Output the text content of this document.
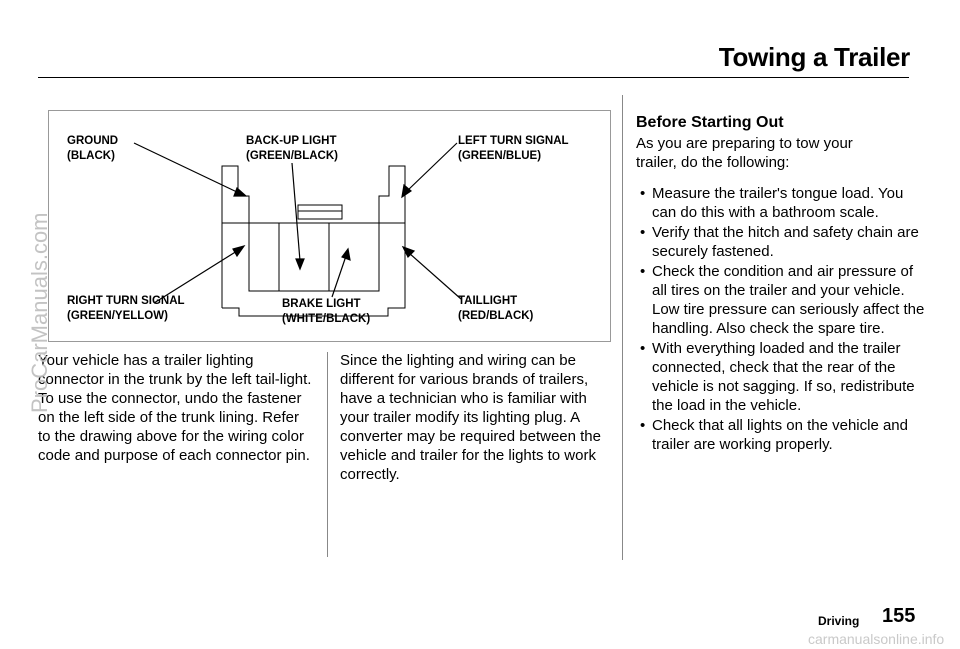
Towing a Trailer
GROUND
(BLACK)
BACK-UP LIGHT
(GREEN/BLACK)
LEFT TURN SIGNAL
(GREEN/BLUE)
RIGHT TURN SIGNAL
(GREEN/YELLOW)
BRAKE LIGHT
(WHITE/BLACK)
TAILLIGHT
(RED/BLACK)

Your vehicle has a trailer lighting connector in the trunk by the left tail-light. To use the connector, undo the fastener on the left side of the trunk lining. Refer to the drawing above for the wiring color code and purpose of each connector pin.

Since the lighting and wiring can be different for various brands of trailers, have a technician who is familiar with your trailer modify its lighting plug. A converter may be required between the vehicle and trailer for the lights to work correctly.

Before Starting Out
As you are preparing to tow your trailer, do the following:
• Measure the trailer's tongue load. You can do this with a bathroom scale.
• Verify that the hitch and safety chain are securely fastened.
• Check the condition and air pressure of all tires on the trailer and your vehicle. Low tire pressure can seriously affect the handling. Also check the spare tire.
• With everything loaded and the trailer connected, check that the rear of the vehicle is not sagging. If so, redistribute the load in the vehicle.
• Check that all lights on the vehicle and trailer are working properly.
Driving 155
ProCarManuals.com
carmanualsonline.info
